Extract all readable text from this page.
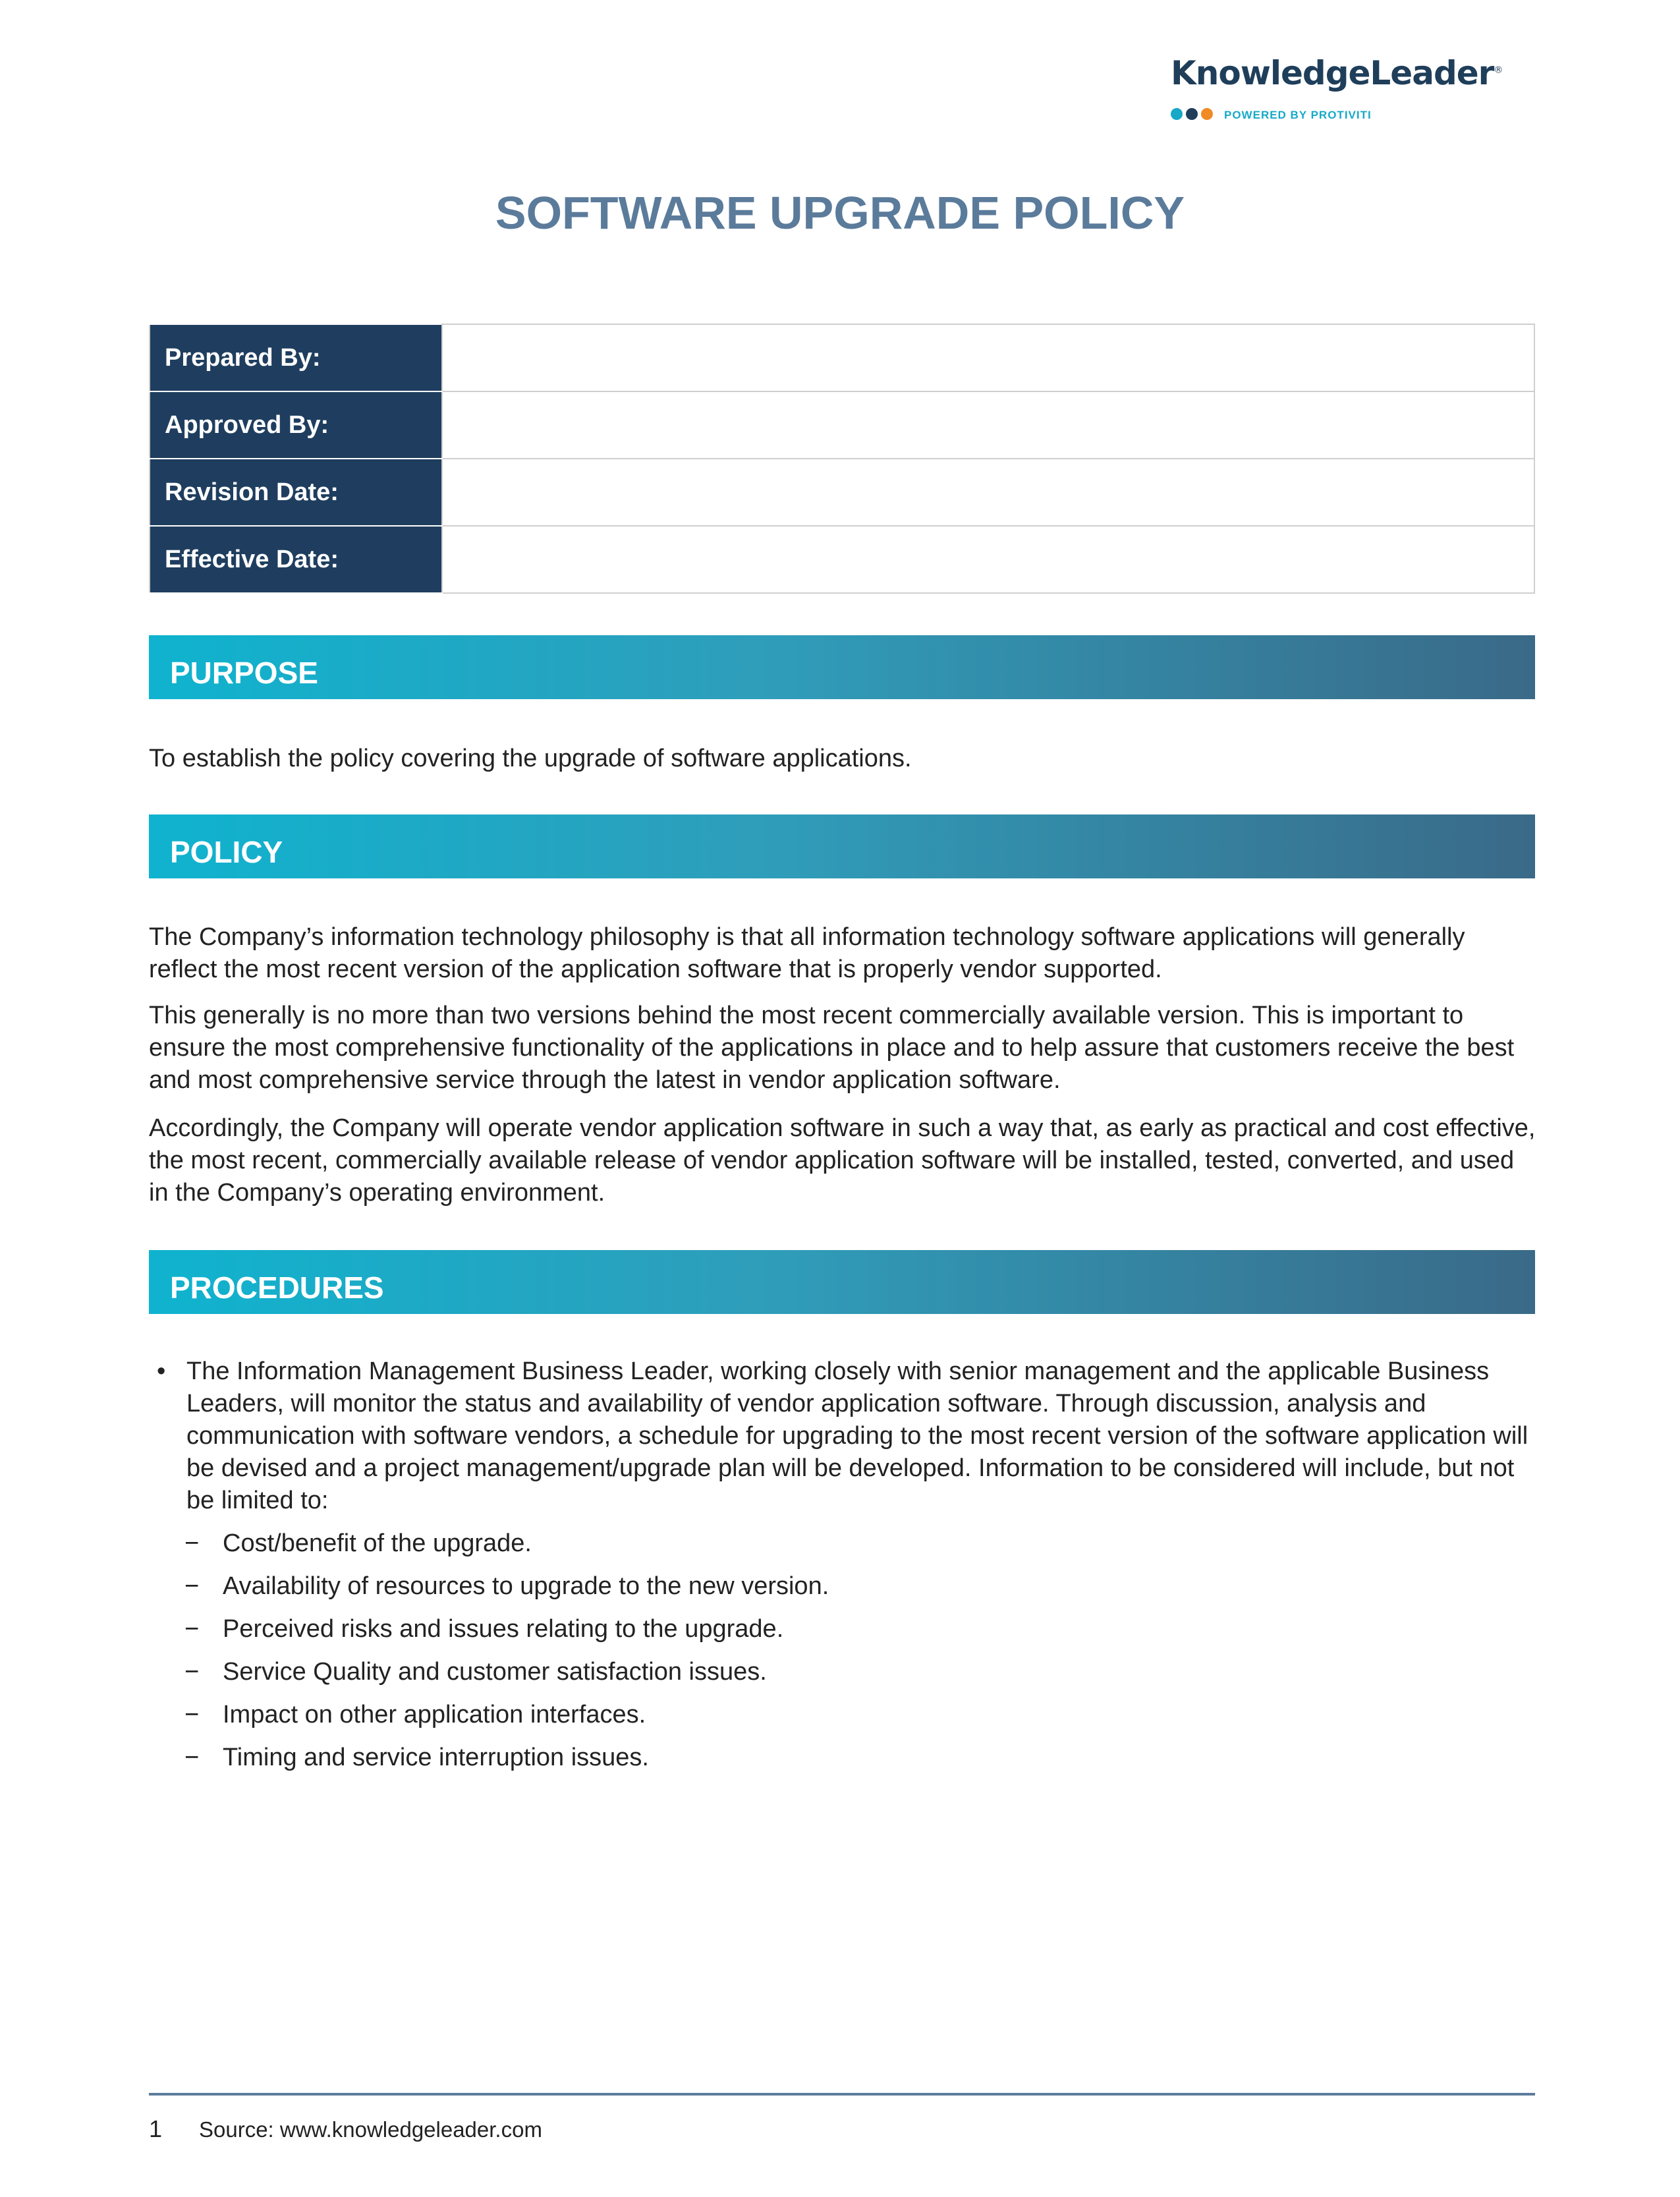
KnowledgeLeader®
POWERED BY PROTIVITI
SOFTWARE UPGRADE POLICY
Prepared By:	
Approved By:	
Revision Date:	
Effective Date:	
PURPOSE

To establish the policy covering the upgrade of software applications.

POLICY

The Company’s information technology philosophy is that all information technology software applications will generally reflect the most recent version of the application software that is properly vendor supported.

This generally is no more than two versions behind the most recent commercially available version. This is important to ensure the most comprehensive functionality of the applications in place and to help assure that customers receive the best and most comprehensive service through the latest in vendor application software.

Accordingly, the Company will operate vendor application software in such a way that, as early as practical and cost effective, the most recent, commercially available release of vendor application software will be installed, tested, converted, and used in the Company’s operating environment.

PROCEDURES
• The Information Management Business Leader, working closely with senior management and the applicable Business Leaders, will monitor the status and availability of vendor application software. Through discussion, analysis and communication with software vendors, a schedule for upgrading to the most recent version of the software application will be devised and a project management/upgrade plan will be developed. Information to be considered will include, but not be limited to:
− Cost/benefit of the upgrade.
− Availability of resources to upgrade to the new version.
− Perceived risks and issues relating to the upgrade.
− Service Quality and customer satisfaction issues.
− Impact on other application interfaces.
− Timing and service interruption issues.
1 Source: www.knowledgeleader.com
